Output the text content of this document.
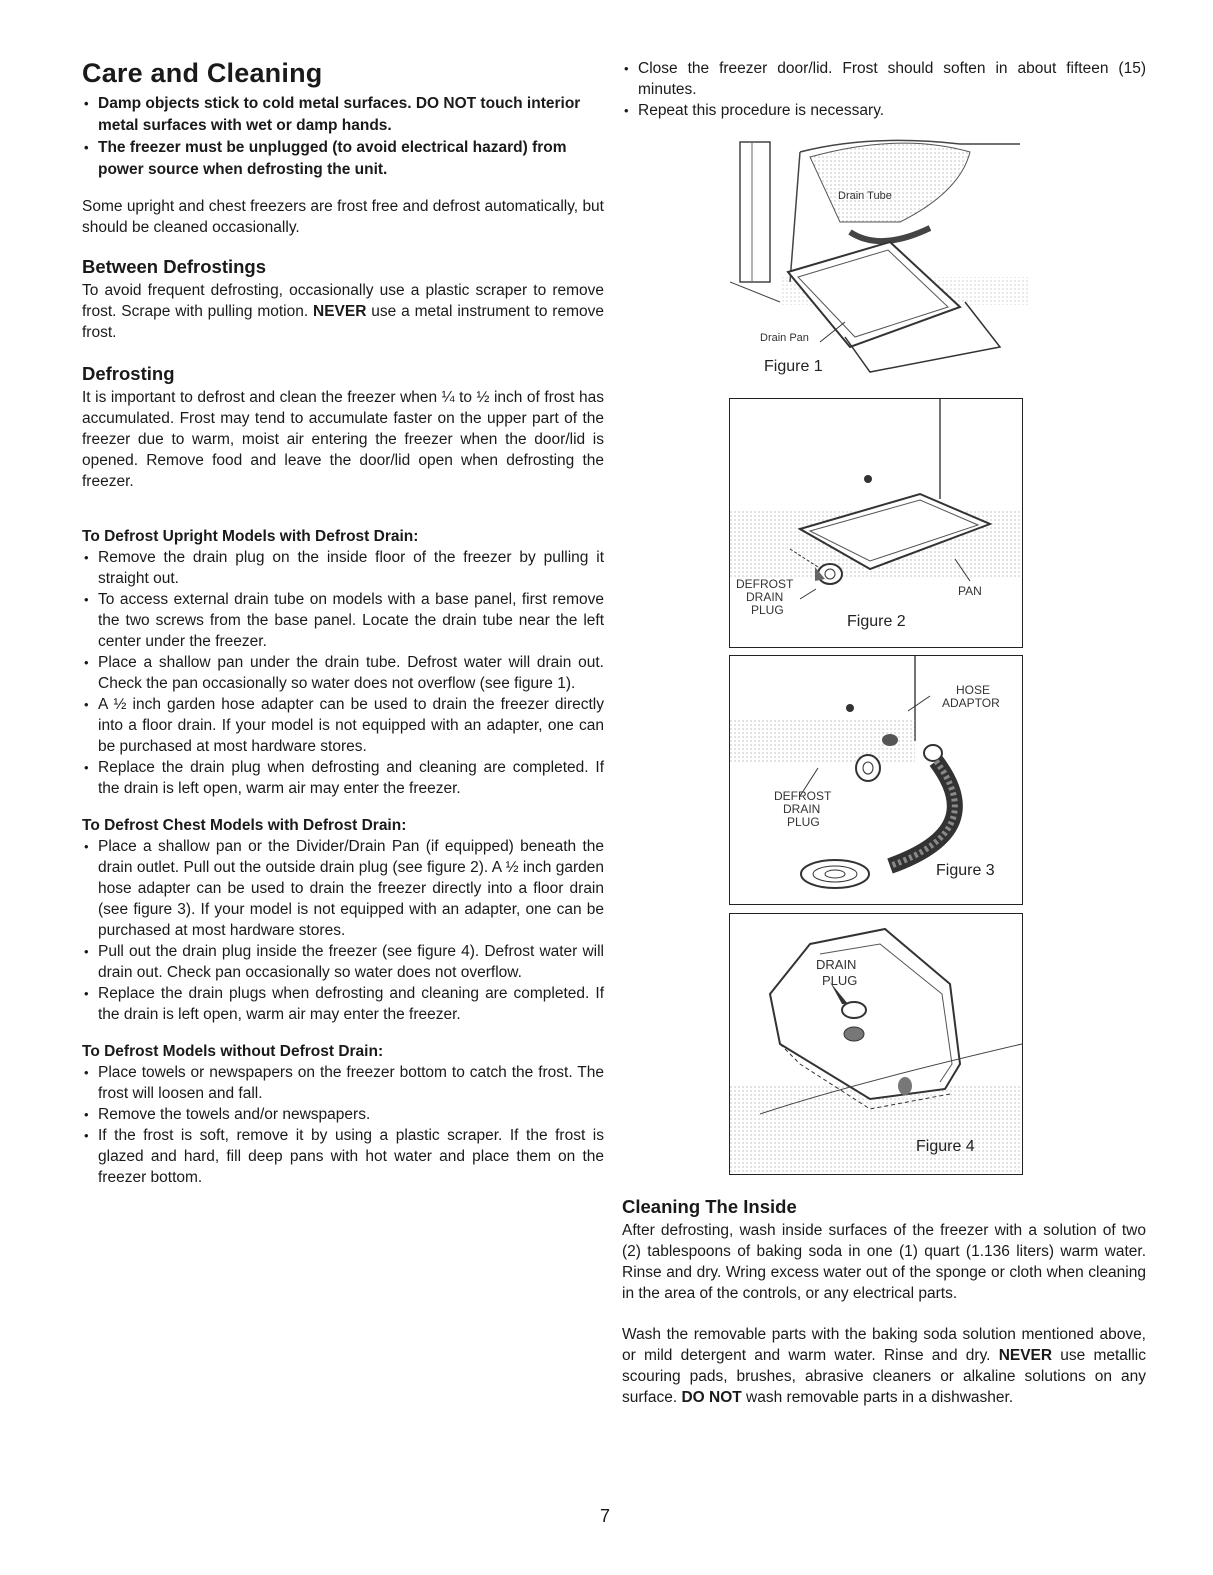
Care and Cleaning
• Damp objects stick to cold metal surfaces. DO NOT touch interior metal surfaces with wet or damp hands.
• The freezer must be unplugged (to avoid electrical hazard) from power source when defrosting the unit.

Some upright and chest freezers are frost free and defrost automatically, but should be cleaned occasionally.

Between Defrostings

To avoid frequent defrosting, occasionally use a plastic scraper to remove frost. Scrape with pulling motion. NEVER use a metal instrument to remove frost.

Defrosting

It is important to defrost and clean the freezer when ¼ to ½ inch of frost has accumulated. Frost may tend to accumulate faster on the upper part of the freezer due to warm, moist air entering the freezer when the door/lid is opened. Remove food and leave the door/lid open when defrosting the freezer.

To Defrost Upright Models with Defrost Drain:
• Remove the drain plug on the inside floor of the freezer by pulling it straight out.
• To access external drain tube on models with a base panel, first remove the two screws from the base panel. Locate the drain tube near the left center under the freezer.
• Place a shallow pan under the drain tube. Defrost water will drain out. Check the pan occasionally so water does not overflow (see figure 1).
• A ½ inch garden hose adapter can be used to drain the freezer directly into a floor drain. If your model is not equipped with an adapter, one can be purchased at most hardware stores.
• Replace the drain plug when defrosting and cleaning are completed. If the drain is left open, warm air may enter the freezer.
To Defrost Chest Models with Defrost Drain:
• Place a shallow pan or the Divider/Drain Pan (if equipped) beneath the drain outlet. Pull out the outside drain plug (see figure 2). A ½ inch garden hose adapter can be used to drain the freezer directly into a floor drain (see figure 3). If your model is not equipped with an adapter, one can be purchased at most hardware stores.
• Pull out the drain plug inside the freezer (see figure 4). Defrost water will drain out. Check pan occasionally so water does not overflow.
• Replace the drain plugs when defrosting and cleaning are completed. If the drain is left open, warm air may enter the freezer.
To Defrost Models without Defrost Drain:
• Place towels or newspapers on the freezer bottom to catch the frost. The frost will loosen and fall.
• Remove the towels and/or newspapers.
• If the frost is soft, remove it by using a plastic scraper. If the frost is glazed and hard, fill deep pans with hot water and place them on the freezer bottom.
• Close the freezer door/lid. Frost should soften in about fifteen (15) minutes.
• Repeat this procedure is necessary.
Drain Tube
Drain Pan
Figure 1
DEFROST
DRAIN
PLUG
PAN
Figure 2
HOSE
ADAPTOR
DEFROST
DRAIN
PLUG
Figure 3
DRAIN
PLUG
Figure 4
Cleaning The Inside

After defrosting, wash inside surfaces of the freezer with a solution of two (2) tablespoons of baking soda in one (1) quart (1.136 liters) warm water. Rinse and dry. Wring excess water out of the sponge or cloth when cleaning in the area of the controls, or any electrical parts.

Wash the removable parts with the baking soda solution mentioned above, or mild detergent and warm water. Rinse and dry. NEVER use metallic scouring pads, brushes, abrasive cleaners or alkaline solutions on any surface. DO NOT wash removable parts in a dishwasher.

7
